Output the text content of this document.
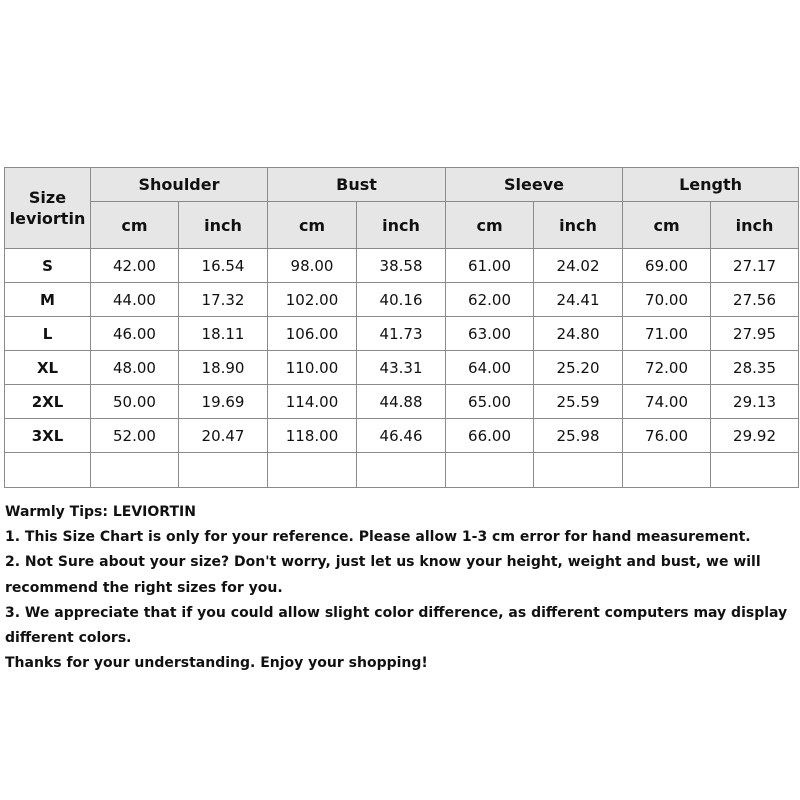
Size
leviortin	Shoulder		Bust		Sleeve		Length	
	cm	inch	cm	inch	cm	inch	cm	inch
S	42.00	16.54	98.00	38.58	61.00	24.02	69.00	27.17
M	44.00	17.32	102.00	40.16	62.00	24.41	70.00	27.56
L	46.00	18.11	106.00	41.73	63.00	24.80	71.00	27.95
XL	48.00	18.90	110.00	43.31	64.00	25.20	72.00	28.35
2XL	50.00	19.69	114.00	44.88	65.00	25.59	74.00	29.13
3XL	52.00	20.47	118.00	46.46	66.00	25.98	76.00	29.92

Warmly Tips: LEVIORTIN

1. This Size Chart is only for your reference. Please allow 1-3 cm error for hand measurement.

2. Not Sure about your size? Don't worry, just let us know your height, weight and bust, we will recommend the right sizes for you.

3. We appreciate that if you could allow slight color difference, as different computers may display different colors.

Thanks for your understanding. Enjoy your shopping!
